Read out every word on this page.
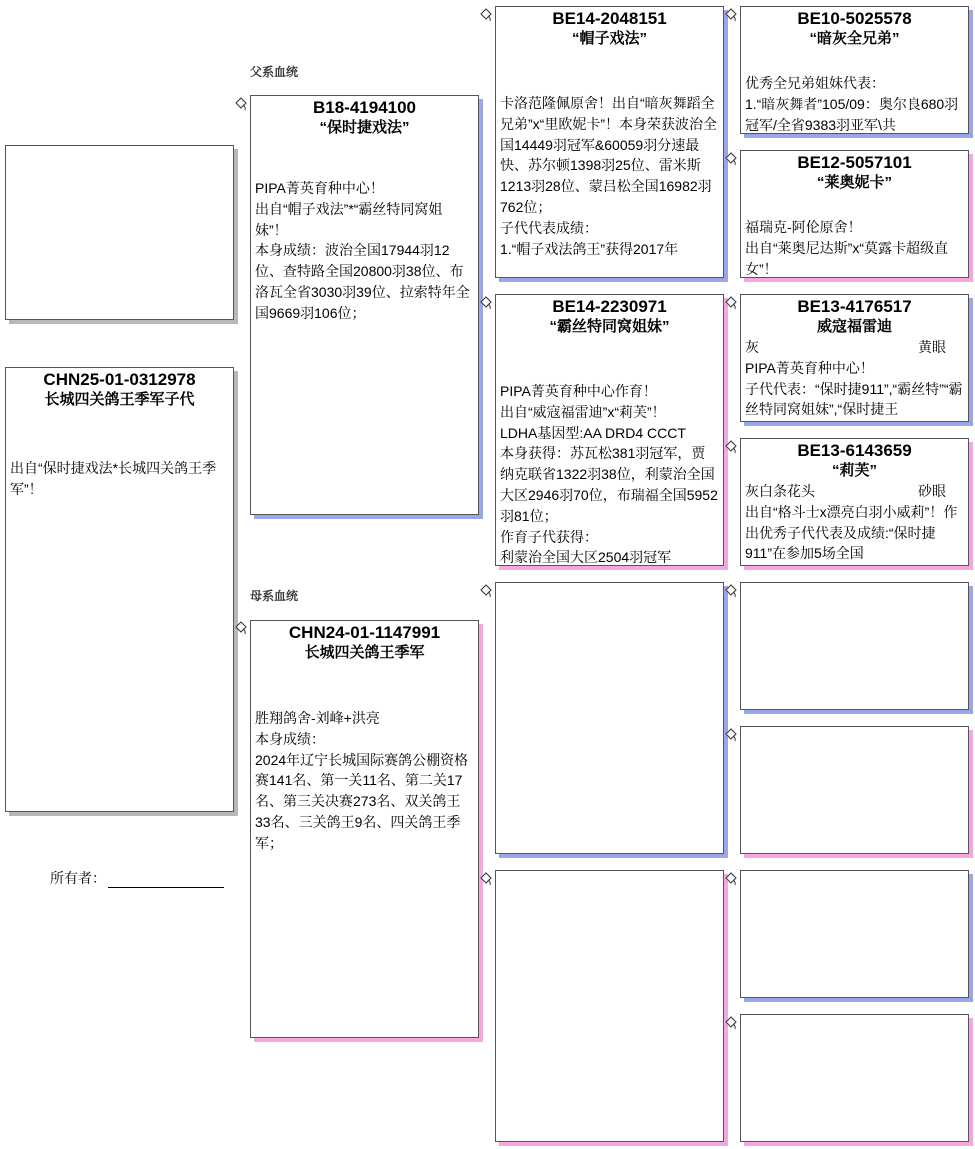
父系血统
母系血统
CHN25-01-0312978
长城四关鸽王季军子代
出自“保时捷戏法*长城四关鸽王季军”！
所有者：
B18-4194100
“保时捷戏法”
PIPA菁英育种中心！
出自“帽子戏法”*“霸丝特同窝姐妹”！
本身成绩：波治全国17944羽12位、查特路全国20800羽38位、布洛瓦全省3030羽39位、拉索特年全国9669羽106位；
CHN24-01-1147991
长城四关鸽王季军
胜翔鸽舍-刘峰+洪亮
本身成绩：
2024年辽宁长城国际赛鸽公棚资格赛141名、第一关11名、第二关17名、第三关决赛273名、双关鸽王33名、三关鸽王9名、四关鸽王季军；
BE14-2048151
“帽子戏法”
卡洛范隆佩原舍！出自“暗灰舞蹈全兄弟”x“里欧妮卡”！本身荣获波治全国14449羽冠军&60059羽分速最快、苏尔顿1398羽25位、雷米斯1213羽28位、蒙吕松全国16982羽762位；
子代代表成绩：
1.“帽子戏法鸽王”获得2017年
BE14-2230971
“霸丝特同窝姐妹”
PIPA菁英育种中心作育！
出自“威寇福雷迪”x“莉芙”！
LDHA基因型:AA DRD4 CCCT
本身获得：苏瓦松381羽冠军，贾纳克联省1322羽38位，利蒙治全国大区2946羽70位，布瑞福全国5952羽81位；
作育子代获得：
利蒙治全国大区2504羽冠军
BE10-5025578
“暗灰全兄弟”
优秀全兄弟姐妹代表：
1.“暗灰舞者”105/09：奥尔良680羽冠军/全省9383羽亚军\共
BE12-5057101
“莱奥妮卡”
福瑞克-阿伦原舍！
出自“莱奥尼达斯”x“莫露卡超级直女”！
BE13-4176517
威寇福雷迪
灰	黄眼
PIPA菁英育种中心！
子代代表：“保时捷911”,“霸丝特”“霸丝特同窝姐妹”,“保时捷王
BE13-6143659
“莉芙”
灰白条花头	砂眼
出自“格斗士x漂亮白羽小威莉”！作出优秀子代代表及成绩:“保时捷911”在参加5场全国
